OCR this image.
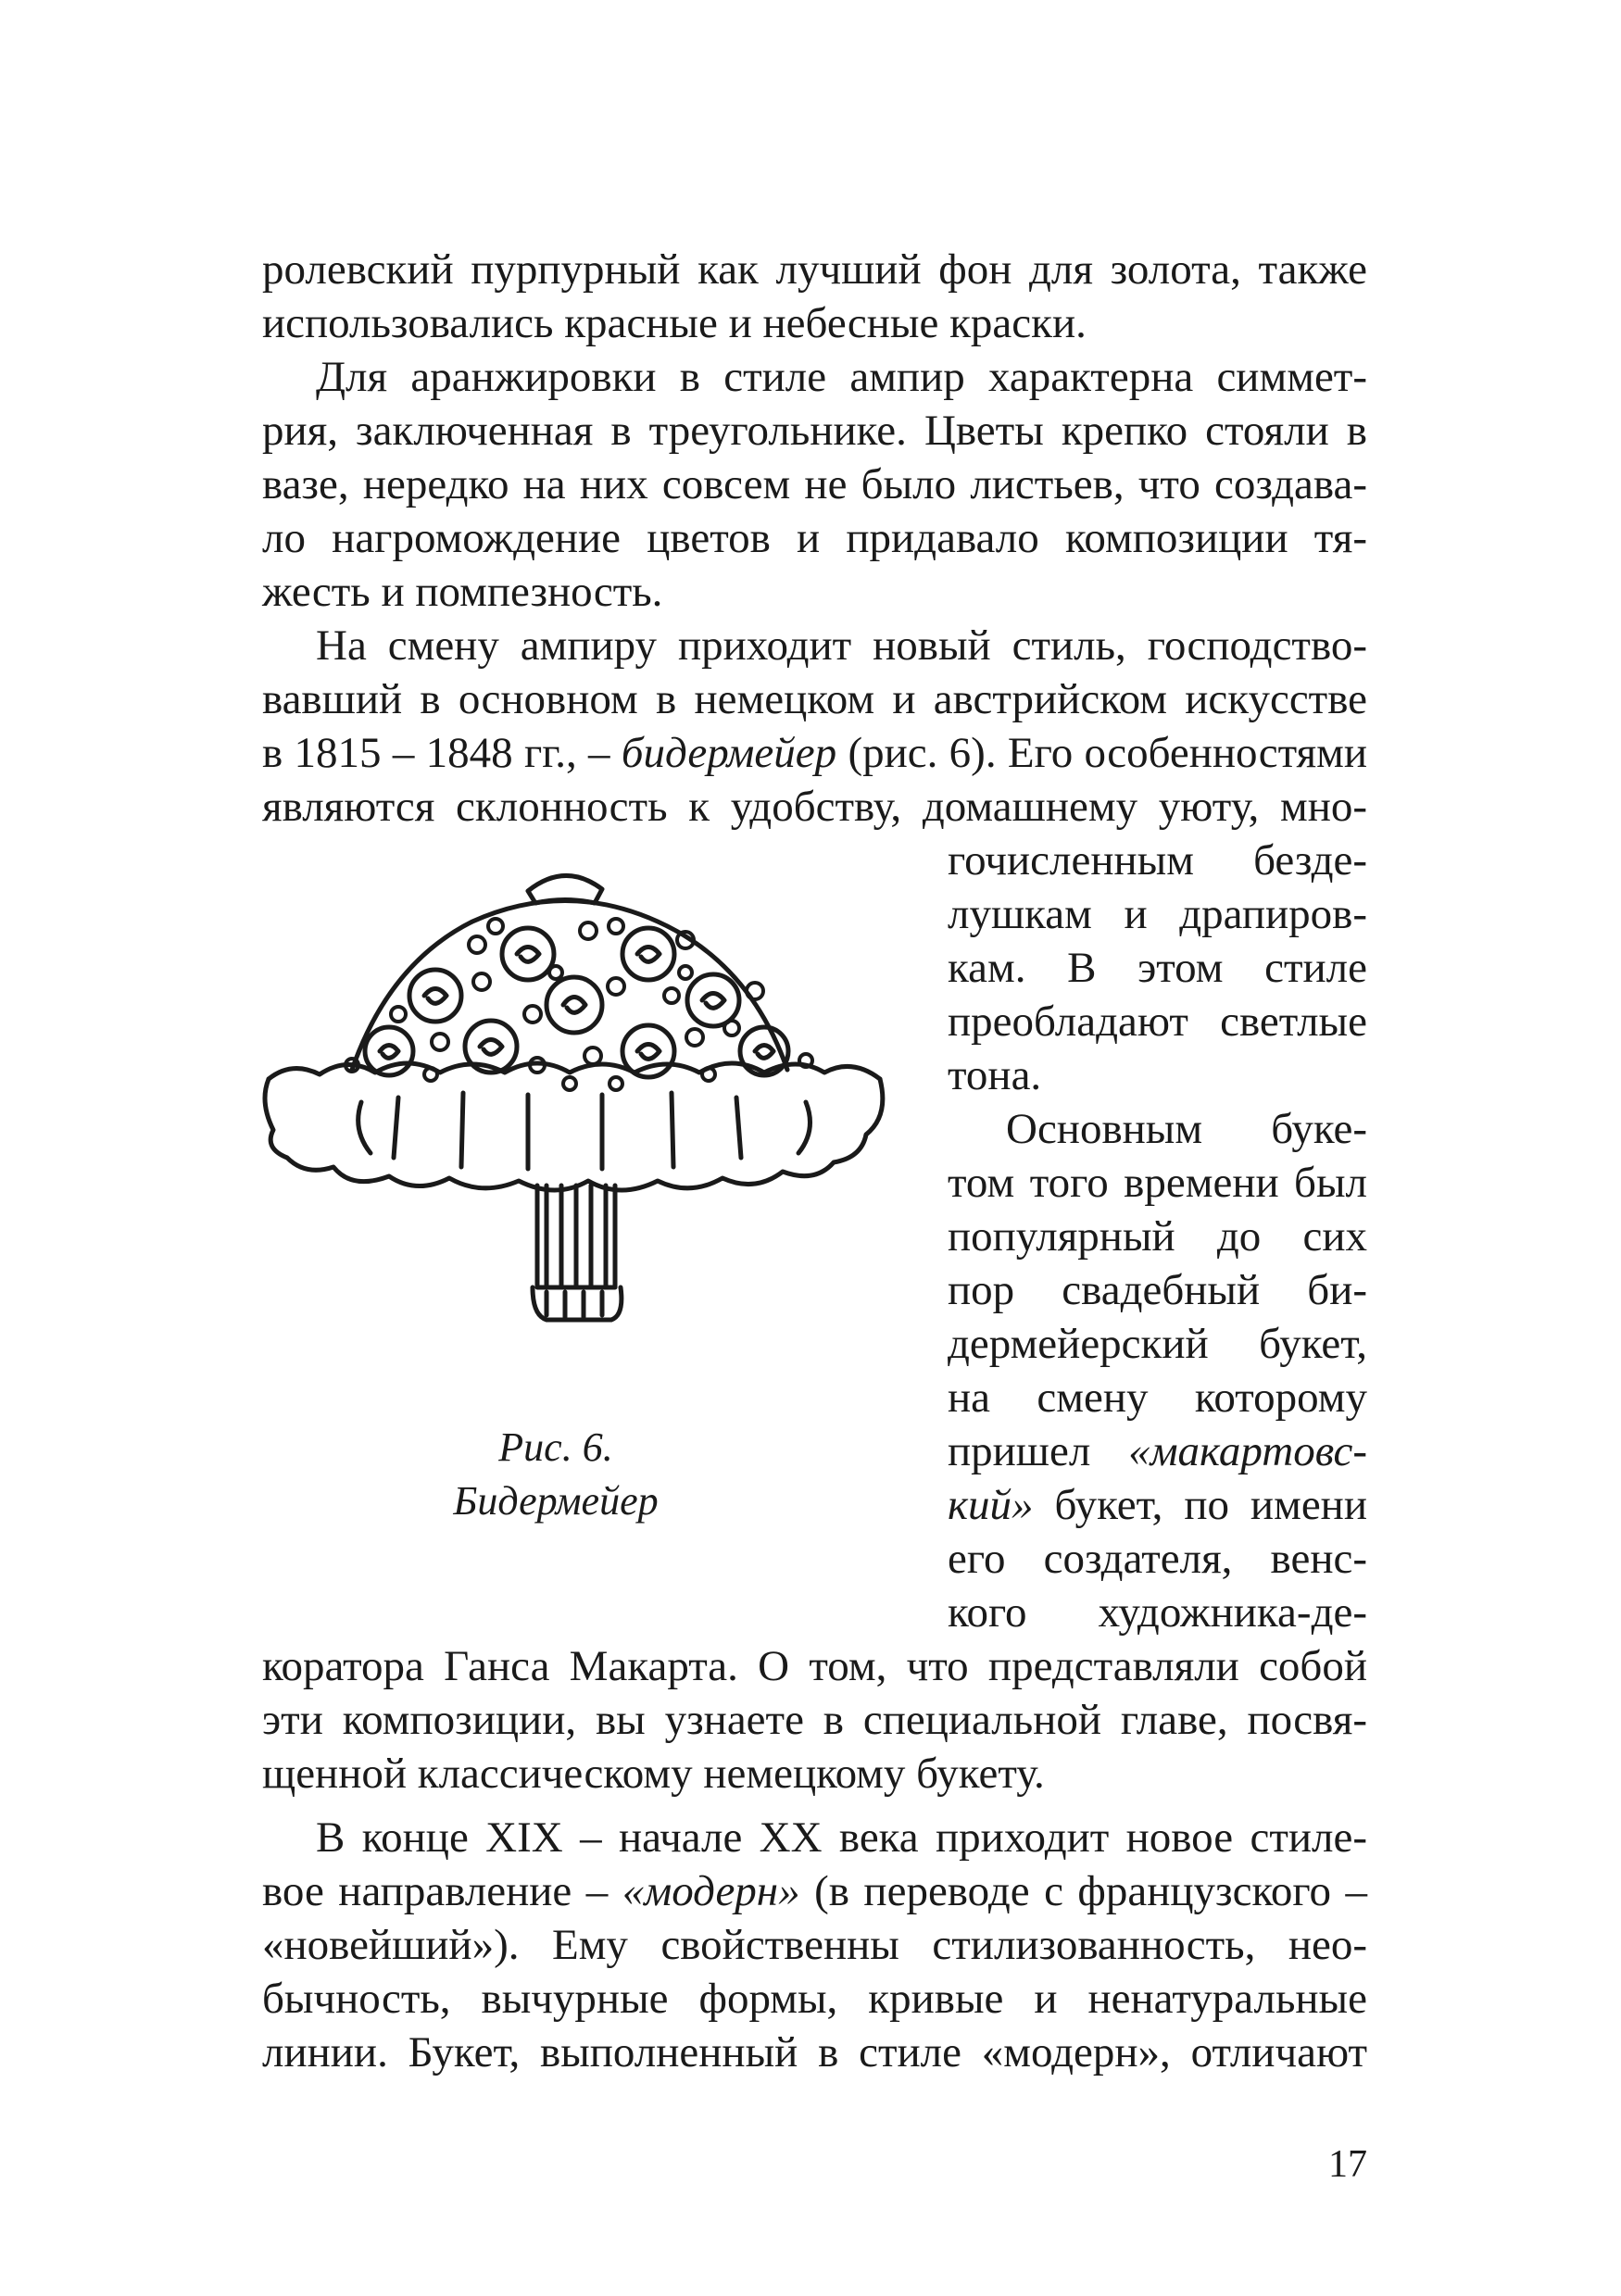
ролевский пурпурный как лучший фон для золота, также
использовались красные и небесные краски.
Для аранжировки в стиле ампир характерна симмет-
рия, заключенная в треугольнике. Цветы крепко стояли в
вазе, нередко на них совсем не было листьев, что создава-
ло нагромождение цветов и придавало композиции тя-
жесть и помпезность.
На смену ампиру приходит новый стиль, господство-
вавший в основном в немецком и австрийском искусстве
в 1815 – 1848 гг., – бидермейер (рис. 6). Его особенностями
являются склонность к удобству, домашнему уюту, мно-
гочисленным безде-
лушкам и драпиров-
кам. В этом стиле
преобладают светлые
тона.
Основным буке-
том того времени был
популярный до сих
пор свадебный би-
дермейерский букет,
на смену которому
пришел «макартовс-
кий» букет, по имени
его создателя, венс-
кого художника-де-
коратора Ганса Макарта. О том, что представляли собой
эти композиции, вы узнаете в специальной главе, посвя-
щенной классическому немецкому букету.
В конце XIX – начале XX века приходит новое стиле-
вое направление – «модерн» (в переводе с французского –
«новейший»). Ему свойственны стилизованность, нео-
бычность, вычурные формы, кривые и ненатуральные
линии. Букет, выполненный в стиле «модерн», отличают
Рис. 6.
Бидермейер
17
